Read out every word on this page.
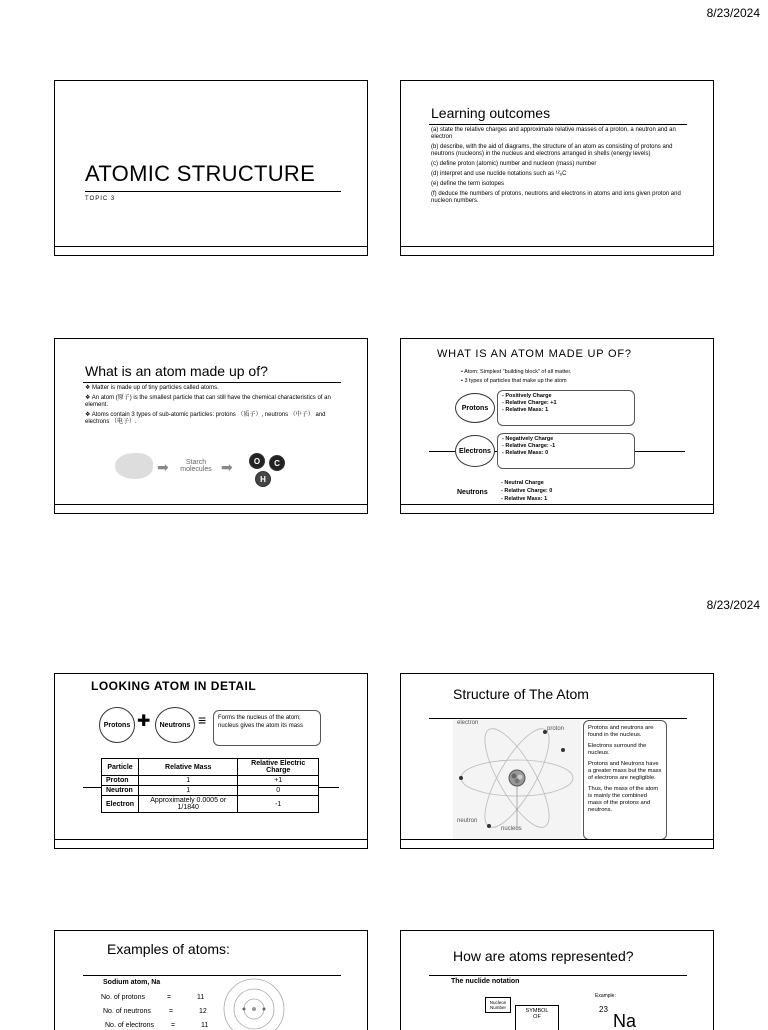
8/23/2024
8/23/2024
ATOMIC STRUCTURE
TOPIC 3
Learning outcomes
(a) state the relative charges and approximate relative masses of a proton, a neutron and an electron
(b) describe, with the aid of diagrams, the structure of an atom as consisting of protons and neutrons (nucleons) in the nucleus and electrons arranged in shells (energy levels)
(c) define proton (atomic) number and nucleon (mass) number
(d) interpret and use nuclide notations such as ¹²₆C
(e) define the term isotopes
(f) deduce the numbers of protons, neutrons and electrons in atoms and ions given proton and nucleon numbers.
What is an atom made up of?
❖ Matter is made up of tiny particles called atoms.
❖ An atom (原子) is the smallest particle that can still have the chemical characteristics of an element.
❖ Atoms contain 3 types of sub-atomic particles: protons （质子）, neutrons （中子） and electrons （电子）.
➡	Starch molecules ➡	O	C
H
WHAT IS AN ATOM MADE UP OF?
• Atom: Simplest "building block" of all matter.
• 3 types of particles that make up the atom
Protons
- Positively Charge
- Relative Charge: +1
- Relative Mass: 1
Electrons
- Negatively Charge
- Relative Charge: -1
- Relative Mass: 0
Neutrons
- Neutral Charge
- Relative Charge: 0
- Relative Mass: 1
LOOKING ATOM IN DETAIL
Protons ✚	Neutrons ≡	Forms the nucleus of the atom; nucleus gives the atom its mass
Particle	Relative Mass	Relative Electric Charge
Proton	1	+1
Neutron	1	0
Electron	Approximately 0.0005 or 1/1840	-1
Structure of The Atom
electron
proton
neutron
nucleus
Protons and neutrons are found in the nucleus.
Electrons surround the nucleus.
Protons and Neutrons have a greater mass but the mass of electrons are negligible.
Thus, the mass of the atom is mainly the combined mass of the protons and neutrons.
Examples of atoms:
Sodium atom, Na
No. of protons	=	11
No. of neutrons	=	12
No. of electrons =	11
How are atoms represented?
The nuclide notation
Nucleon Number
SYMBOL OF
Example:
23
Na
